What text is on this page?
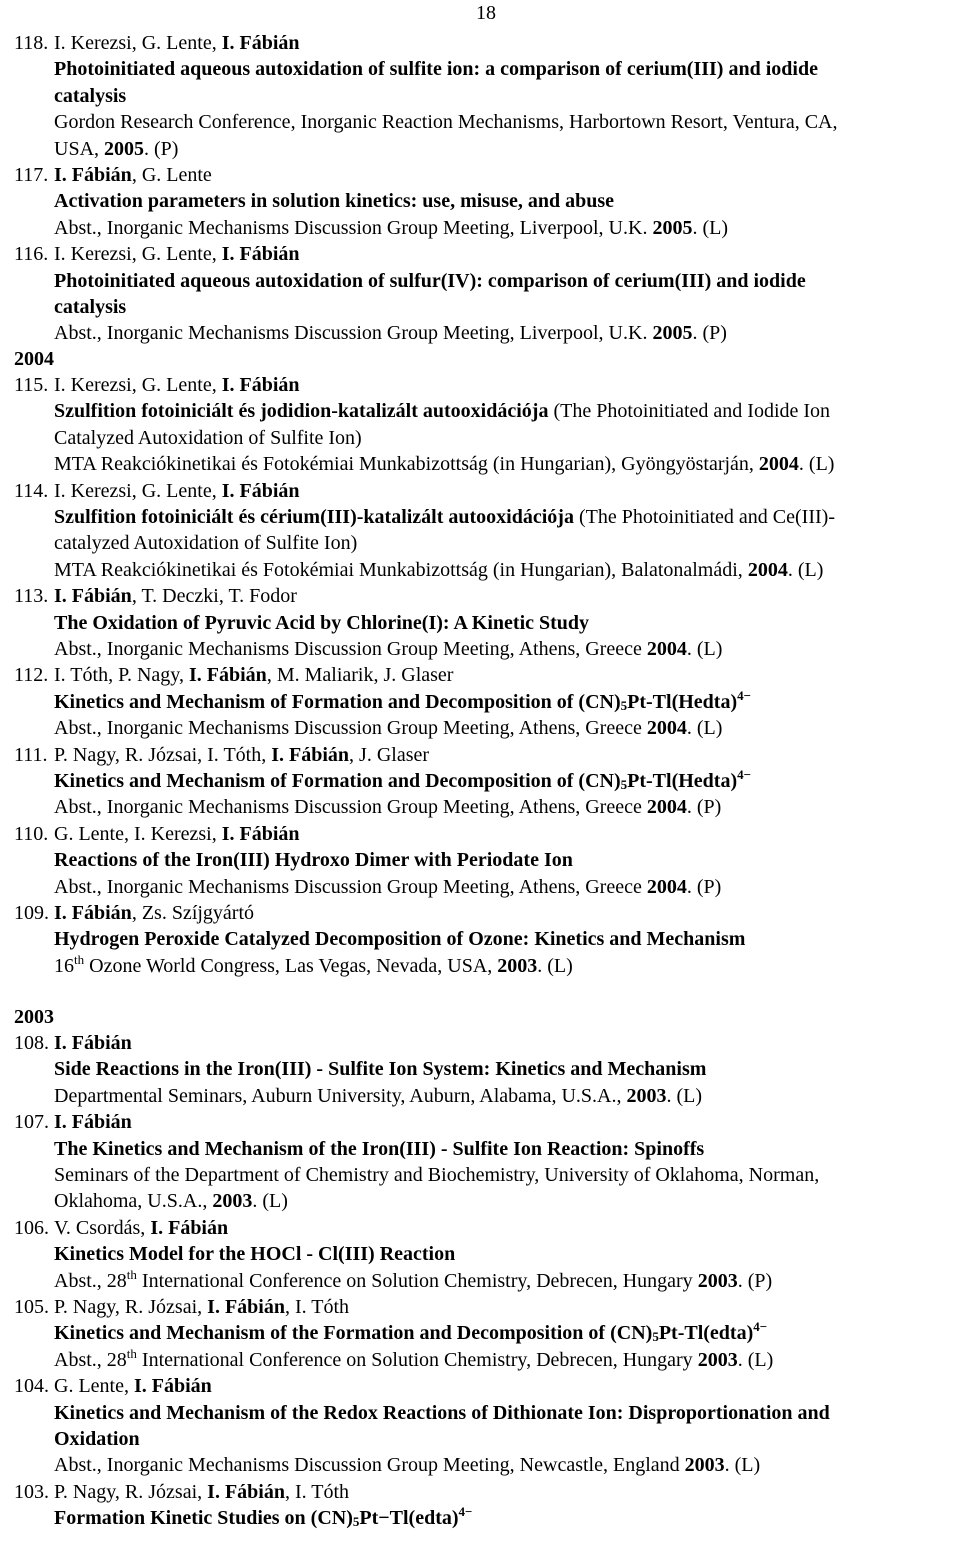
18
118. I. Kerezsi, G. Lente, I. Fábián
Photoinitiated aqueous autoxidation of sulfite ion: a comparison of cerium(III) and iodide
catalysis
Gordon Research Conference, Inorganic Reaction Mechanisms, Harbortown Resort, Ventura, CA,
USA, 2005. (P)
117. I. Fábián, G. Lente
Activation parameters in solution kinetics: use, misuse, and abuse
Abst., Inorganic Mechanisms Discussion Group Meeting, Liverpool, U.K. 2005. (L)
116. I. Kerezsi, G. Lente, I. Fábián
Photoinitiated aqueous autoxidation of sulfur(IV): comparison of cerium(III) and iodide
catalysis
Abst., Inorganic Mechanisms Discussion Group Meeting, Liverpool, U.K. 2005. (P)
2004
115. I. Kerezsi, G. Lente, I. Fábián
Szulfition fotoiniciált és jodidion-katalizált autooxidációja (The Photoinitiated and Iodide Ion
Catalyzed Autoxidation of Sulfite Ion)
MTA Reakciókinetikai és Fotokémiai Munkabizottság (in Hungarian), Gyöngyöstarján, 2004. (L)
114. I. Kerezsi, G. Lente, I. Fábián
Szulfition fotoiniciált és cérium(III)-katalizált autooxidációja (The Photoinitiated and Ce(III)-
catalyzed Autoxidation of Sulfite Ion)
MTA Reakciókinetikai és Fotokémiai Munkabizottság (in Hungarian), Balatonalmádi, 2004. (L)
113. I. Fábián, T. Deczki, T. Fodor
The Oxidation of Pyruvic Acid by Chlorine(I): A Kinetic Study
Abst., Inorganic Mechanisms Discussion Group Meeting, Athens, Greece 2004. (L)
112. I. Tóth, P. Nagy, I. Fábián, M. Maliarik, J. Glaser
Kinetics and Mechanism of Formation and Decomposition of $(CN)_5Pt-Tl(Hedta)^{4-}$
Abst., Inorganic Mechanisms Discussion Group Meeting, Athens, Greece 2004. (L)
111. P. Nagy, R. Józsai, I. Tóth, I. Fábián, J. Glaser
Kinetics and Mechanism of Formation and Decomposition of $(CN)_5Pt-Tl(Hedta)^{4-}$
Abst., Inorganic Mechanisms Discussion Group Meeting, Athens, Greece 2004. (P)
110. G. Lente, I. Kerezsi, I. Fábián
Reactions of the Iron(III) Hydroxo Dimer with Periodate Ion
Abst., Inorganic Mechanisms Discussion Group Meeting, Athens, Greece 2004. (P)
109. I. Fábián, Zs. Szíjgyártó
Hydrogen Peroxide Catalyzed Decomposition of Ozone: Kinetics and Mechanism
16th Ozone World Congress, Las Vegas, Nevada, USA, 2003. (L)
2003
108. I. Fábián
Side Reactions in the Iron(III) - Sulfite Ion System: Kinetics and Mechanism
Departmental Seminars, Auburn University, Auburn, Alabama, U.S.A., 2003. (L)
107. I. Fábián
The Kinetics and Mechanism of the Iron(III) - Sulfite Ion Reaction: Spinoffs
Seminars of the Department of Chemistry and Biochemistry, University of Oklahoma, Norman,
Oklahoma, U.S.A., 2003. (L)
106. V. Csordás, I. Fábián
Kinetics Model for the HOCl - Cl(III) Reaction
Abst., 28th International Conference on Solution Chemistry, Debrecen, Hungary 2003. (P)
105. P. Nagy, R. Józsai, I. Fábián, I. Tóth
Kinetics and Mechanism of the Formation and Decomposition of $(CN)_5Pt-Tl(edta)^{4-}$
Abst., 28th International Conference on Solution Chemistry, Debrecen, Hungary 2003. (L)
104. G. Lente, I. Fábián
Kinetics and Mechanism of the Redox Reactions of Dithionate Ion: Disproportionation and
Oxidation
Abst., Inorganic Mechanisms Discussion Group Meeting, Newcastle, England 2003. (L)
103. P. Nagy, R. Józsai, I. Fábián, I. Tóth
Formation Kinetic Studies on $(CN)_5Pt-Tl(edta)^{4-}$
